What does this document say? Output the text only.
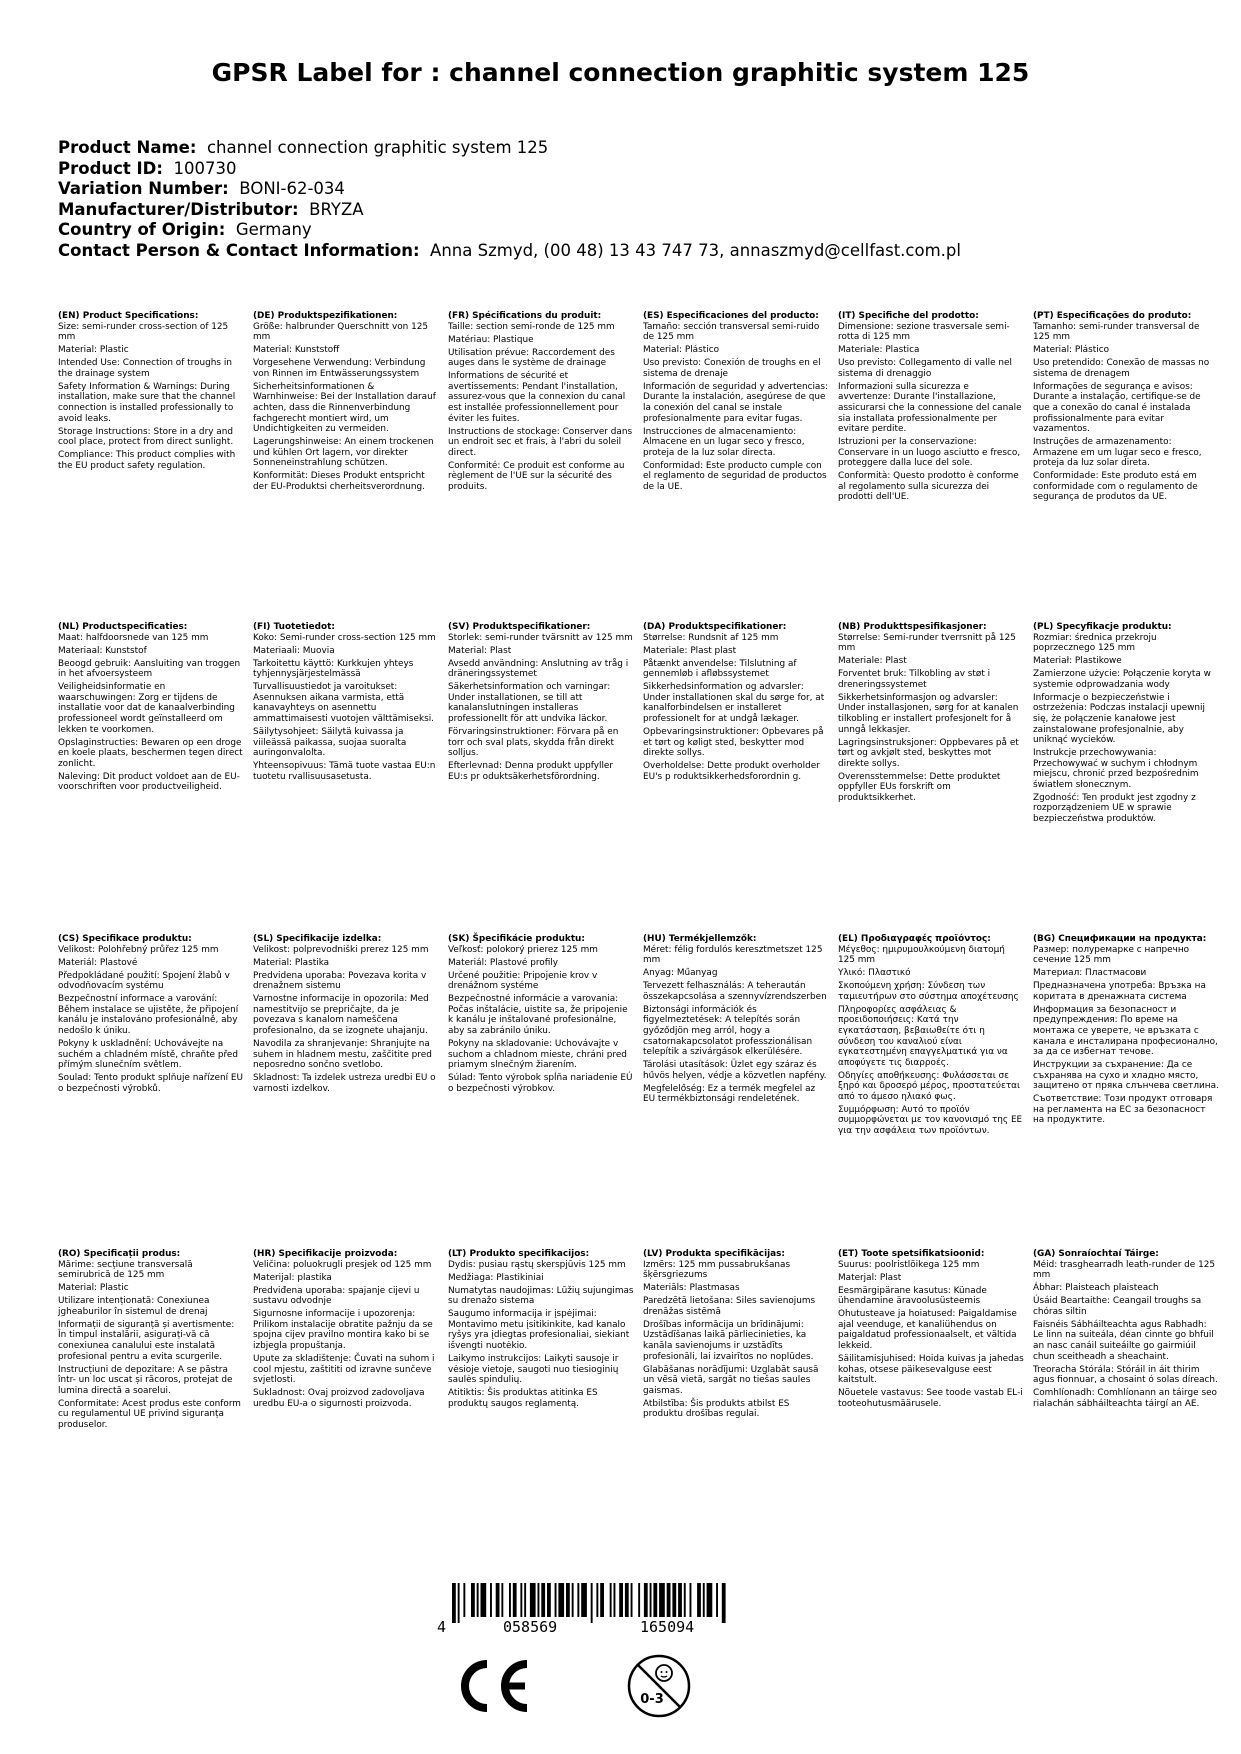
GPSR Label for : channel connection graphitic system 125
Product Name: channel connection graphitic system 125
Product ID: 100730
Variation Number: BONI-62-034
Manufacturer/Distributor: BRYZA
Country of Origin: Germany
Contact Person & Contact Information: Anna Szmyd, (00 48) 13 43 747 73, annaszmyd@cellfast.com.pl
(EN) Product Specifications:

Size: semi-runder cross-section of 125 mm

Material: Plastic

Intended Use: Connection of troughs in the drainage system

Safety Information & Warnings: During installation, make sure that the channel connection is installed professionally to avoid leaks.

Storage Instructions: Store in a dry and cool place, protect from direct sunlight.

Compliance: This product complies with the EU product safety regulation.

(DE) Produktspezifikationen:

Größe: halbrunder Querschnitt von 125 mm

Material: Kunststoff

Vorgesehene Verwendung: Verbindung von Rinnen im Entwässerungssystem

Sicherheitsinformationen & Warnhinweise: Bei der Installation darauf achten, dass die Rinnenverbindung fachgerecht montiert wird, um Undichtigkeiten zu vermeiden.

Lagerungshinweise: An einem trockenen und kühlen Ort lagern, vor direkter Sonneneinstrahlung schützen.

Konformität: Dieses Produkt entspricht der EU-Produktsi cherheitsverordnung.

(FR) Spécifications du produit:

Taille: section semi-ronde de 125 mm

Matériau: Plastique

Utilisation prévue: Raccordement des auges dans le système de drainage

Informations de sécurité et avertissements: Pendant l'installation, assurez-vous que la connexion du canal est installée professionnellement pour éviter les fuites.

Instructions de stockage: Conserver dans un endroit sec et frais, à l'abri du soleil direct.

Conformité: Ce produit est conforme au règlement de l'UE sur la sécurité des produits.

(ES) Especificaciones del producto:

Tamaño: sección transversal semi-ruido de 125 mm

Material: Plástico

Uso previsto: Conexión de troughs en el sistema de drenaje

Información de seguridad y advertencias: Durante la instalación, asegúrese de que la conexión del canal se instale profesionalmente para evitar fugas.

Instrucciones de almacenamiento: Almacene en un lugar seco y fresco, proteja de la luz solar directa.

Conformidad: Este producto cumple con el reglamento de seguridad de productos de la UE.

(IT) Specifiche del prodotto:

Dimensione: sezione trasversale semi-rotta di 125 mm

Materiale: Plastica

Uso previsto: Collegamento di valle nel sistema di drenaggio

Informazioni sulla sicurezza e avvertenze: Durante l'installazione, assicurarsi che la connessione del canale sia installata professionalmente per evitare perdite.

Istruzioni per la conservazione: Conservare in un luogo asciutto e fresco, proteggere dalla luce del sole.

Conformità: Questo prodotto è conforme al regolamento sulla sicurezza dei prodotti dell'UE.

(PT) Especificações do produto:

Tamanho: semi-runder transversal de 125 mm

Material: Plástico

Uso pretendido: Conexão de massas no sistema de drenagem

Informações de segurança e avisos: Durante a instalação, certifique-se de que a conexão do canal é instalada profissionalmente para evitar vazamentos.

Instruções de armazenamento: Armazene em um lugar seco e fresco, proteja da luz solar direta.

Conformidade: Este produto está em conformidade com o regulamento de segurança de produtos da UE.

(NL) Productspecificaties:

Maat: halfdoorsnede van 125 mm

Materiaal: Kunststof

Beoogd gebruik: Aansluiting van troggen in het afvoersysteem

Veiligheidsinformatie en waarschuwingen: Zorg er tijdens de installatie voor dat de kanaalverbinding professioneel wordt geïnstalleerd om lekken te voorkomen.

Opslaginstructies: Bewaren op een droge en koele plaats, beschermen tegen direct zonlicht.

Naleving: Dit product voldoet aan de EU-voorschriften voor productveiligheid.

(FI) Tuotetiedot:

Koko: Semi-runder cross-section 125 mm

Materiaali: Muovia

Tarkoitettu käyttö: Kurkkujen yhteys tyhjennysjärjestelmässä

Turvallisuustiedot ja varoitukset: Asennuksen aikana varmista, että kanavayhteys on asennettu ammattimaisesti vuotojen välttämiseksi.

Säilytysohjeet: Säilytä kuivassa ja viileässä paikassa, suojaa suoralta auringonvalolta.

Yhteensopivuus: Tämä tuote vastaa EU:n tuotetu rvallisuusasetusta.

(SV) Produktspecifikationer:

Storlek: semi-runder tvärsnitt av 125 mm

Material: Plast

Avsedd användning: Anslutning av tråg i dräneringssystemet

Säkerhetsinformation och varningar: Under installationen, se till att kanalanslutningen installeras professionellt för att undvika läckor.

Förvaringsinstruktioner: Förvara på en torr och sval plats, skydda från direkt solljus.

Efterlevnad: Denna produkt uppfyller EU:s pr oduktsäkerhetsförordning.

(DA) Produktspecifikationer:

Størrelse: Rundsnit af 125 mm

Materiale: Plast plast

Påtænkt anvendelse: Tilslutning af gennemløb i afløbssystemet

Sikkerhedsinformation og advarsler: Under installationen skal du sørge for, at kanalforbindelsen er installeret professionelt for at undgå lækager.

Opbevaringsinstruktioner: Opbevares på et tørt og køligt sted, beskytter mod direkte sollys.

Overholdelse: Dette produkt overholder EU's p roduktsikkerhedsforordnin g.

(NB) Produkttspesifikasjoner:

Størrelse: Semi-runder tverrsnitt på 125 mm

Materiale: Plast

Forventet bruk: Tilkobling av støt i dreneringssystemet

Sikkerhetsinformasjon og advarsler: Under installasjonen, sørg for at kanalen tilkobling er installert profesjonelt for å unngå lekkasjer.

Lagringsinstruksjoner: Oppbevares på et tørt og avkjølt sted, beskyttes mot direkte sollys.

Overensstemmelse: Dette produktet oppfyller EUs forskrift om produktsikkerhet.

(PL) Specyfikacje produktu:

Rozmiar: średnica przekroju poprzecznego 125 mm

Materiał: Plastikowe

Zamierzone użycie: Połączenie koryta w systemie odprowadzania wody

Informacje o bezpieczeństwie i ostrzeżenia: Podczas instalacji upewnij się, że połączenie kanałowe jest zainstalowane profesjonalnie, aby uniknąć wycieków.

Instrukcje przechowywania: Przechowywać w suchym i chłodnym miejscu, chronić przed bezpośrednim światłem słonecznym.

Zgodność: Ten produkt jest zgodny z rozporządzeniem UE w sprawie bezpieczeństwa produktów.

(CS) Specifikace produktu:

Velikost: Polohřebný průřez 125 mm

Materiál: Plastové

Předpokládané použití: Spojení žlabů v odvodňovacím systému

Bezpečnostní informace a varování: Během instalace se ujistěte, že připojení kanálu je instalováno profesionálně, aby nedošlo k úniku.

Pokyny k uskladnění: Uchovávejte na suchém a chladném místě, chraňte před přímým slunečním světlem.

Soulad: Tento produkt splňuje nařízení EU o bezpečnosti výrobků.

(SL) Specifikacije izdelka:

Velikost: polprevodniški prerez 125 mm

Material: Plastika

Predvidena uporaba: Povezava korita v drenažnem sistemu

Varnostne informacije in opozorila: Med namestitvijo se prepričajte, da je povezava s kanalom nameščena profesionalno, da se izognete uhajanju.

Navodila za shranjevanje: Shranjujte na suhem in hladnem mestu, zaščitite pred neposredno sončno svetlobo.

Skladnost: Ta izdelek ustreza uredbi EU o varnosti izdelkov.

(SK) Špecifikácie produktu:

Veľkosť: polokorý prierez 125 mm

Materiál: Plastové profily

Určené použitie: Pripojenie krov v drenážnom systéme

Bezpečnostné informácie a varovania: Počas inštalácie, uistite sa, že pripojenie k kanálu je inštalované profesionálne, aby sa zabránilo úniku.

Pokyny na skladovanie: Uchovávajte v suchom a chladnom mieste, chráni pred priamym slnečným žiarením.

Súlad: Tento výrobok spĺňa nariadenie EÚ o bezpečnosti výrobkov.

(HU) Termékjellemzők:

Méret: félig fordulós keresztmetszet 125 mm

Anyag: Műanyag

Tervezett felhasználás: A teheraután összekapcsolása a szennyvízrendszerben

Biztonsági információk és figyelmeztetések: A telepítés során győződjön meg arról, hogy a csatornakapcsolatot professzionálisan telepítik a szivárgások elkerülésére.

Tárolási utasítások: Üzlet egy száraz és hűvös helyen, védje a közvetlen napfény.

Megfelelőség: Ez a termék megfelel az EU termékbiztonsági rendeletének.

(EL) Προδιαγραφές προϊόντος:

Μέγεθος: ημιρυμουλκούμενη διατομή 125 mm

Υλικό: Πλαστικό

Σκοπούμενη χρήση: Σύνδεση των ταμιευτήρων στο σύστημα αποχέτευσης

Πληροφορίες ασφάλειας & προειδοποιήσεις: Κατά την εγκατάσταση, βεβαιωθείτε ότι η σύνδεση του καναλιού είναι εγκατεστημένη επαγγελματικά για να αποφύγετε τις διαρροές.

Οδηγίες αποθήκευσης: Φυλάσσεται σε ξηρό και δροσερό μέρος, προστατεύεται από το άμεσο ηλιακό φως.

Συμμόρφωση: Αυτό το προϊόν συμμορφώνεται με τον κανονισμό της ΕΕ για την ασφάλεια των προϊόντων.

(BG) Спецификации на продукта:

Размер: полуремарке с напречно сечение 125 mm

Материал: Пластмасови

Предназначена употреба: Връзка на коритата в дренажната система

Информация за безопасност и предупреждения: По време на монтажа се уверете, че връзката с канала е инсталирана професионално, за да се избегнат течове.

Инструкции за съхранение: Да се съхранява на сухо и хладно място, защитено от пряка слънчева светлина.

Съответствие: Този продукт отговаря на регламента на ЕС за безопасност на продуктите.

(RO) Specificații produs:

Mărime: secțiune transversală semirubrică de 125 mm

Material: Plastic

Utilizare intenționată: Conexiunea jgheaburilor în sistemul de drenaj

Informații de siguranță și avertismente: În timpul instalării, asigurați-vă că conexiunea canalului este instalată profesional pentru a evita scurgerile.

Instrucțiuni de depozitare: A se păstra într- un loc uscat și răcoros, protejat de lumina directă a soarelui.

Conformitate: Acest produs este conform cu regulamentul UE privind siguranța produselor.

(HR) Specifikacije proizvoda:

Veličina: poluokrugli presjek od 125 mm

Materijal: plastika

Predviđena uporaba: spajanje cijevi u sustavu odvodnje

Sigurnosne informacije i upozorenja: Prilikom instalacije obratite pažnju da se spojna cijev pravilno montira kako bi se izbjegla propuštanja.

Upute za skladištenje: Čuvati na suhom i cool mjestu, zaštititi od izravne sunčeve svjetlosti.

Sukladnost: Ovaj proizvod zadovoljava uredbu EU-a o sigurnosti proizvoda.

(LT) Produkto specifikacijos:

Dydis: pusiau rąstų skerspjūvis 125 mm

Medžiaga: Plastikiniai

Numatytas naudojimas: Lūžių sujungimas su drenažo sistema

Saugumo informacija ir įspėjimai: Montavimo metu įsitikinkite, kad kanalo ryšys yra įdiegtas profesionaliai, siekiant išvengti nuotėkio.

Laikymo instrukcijos: Laikyti sausoje ir vėsioje vietoje, saugoti nuo tiesioginių saulės spindulių.

Atitiktis: Šis produktas atitinka ES produktų saugos reglamentą.

(LV) Produkta specifikācijas:

Izmērs: 125 mm pussabrukšanas šķērsgriezums

Materiāls: Plastmasas

Paredzētā lietošana: Siles savienojums drenāžas sistēmā

Drošības informācija un brīdinājumi: Uzstādīšanas laikā pārliecinieties, ka kanāla savienojums ir uzstādīts profesionāli, lai izvairītos no noplūdes.

Glabāšanas norādījumi: Uzglabāt sausā un vēsā vietā, sargāt no tiešas saules gaismas.

Atbilstība: Šis produkts atbilst ES produktu drošības regulai.

(ET) Toote spetsifikatsioonid:

Suurus: poolristlõikega 125 mm

Materjal: Plast

Eesmärgipärane kasutus: Künade ühendamine äravoolusüsteemis

Ohutusteave ja hoiatused: Paigaldamise ajal veenduge, et kanaliühendus on paigaldatud professionaalselt, et vältida lekkeid.

Säilitamisjuhised: Hoida kuivas ja jahedas kohas, otsese päikesevalguse eest kaitstult.

Nõuetele vastavus: See toode vastab EL-i tooteohutusmäärusele.

(GA) Sonraíochtaí Táirge:

Méid: trasghearradh leath-runder de 125 mm

Ábhar: Plaisteach plaisteach

Úsáid Beartaithe: Ceangail troughs sa chóras siltin

Faisnéis Sábháilteachta agus Rabhadh: Le linn na suiteála, déan cinnte go bhfuil an nasc canáil suiteáilte go gairmiúil chun sceitheadh a sheachaint.

Treoracha Stórála: Stóráil in áit thirim agus fionnuar, a chosaint ó solas díreach.

Comhlíonadh: Comhlíonann an táirge seo rialachán sábháilteachta táirgí an AE.

4	058569	165094
0-3
